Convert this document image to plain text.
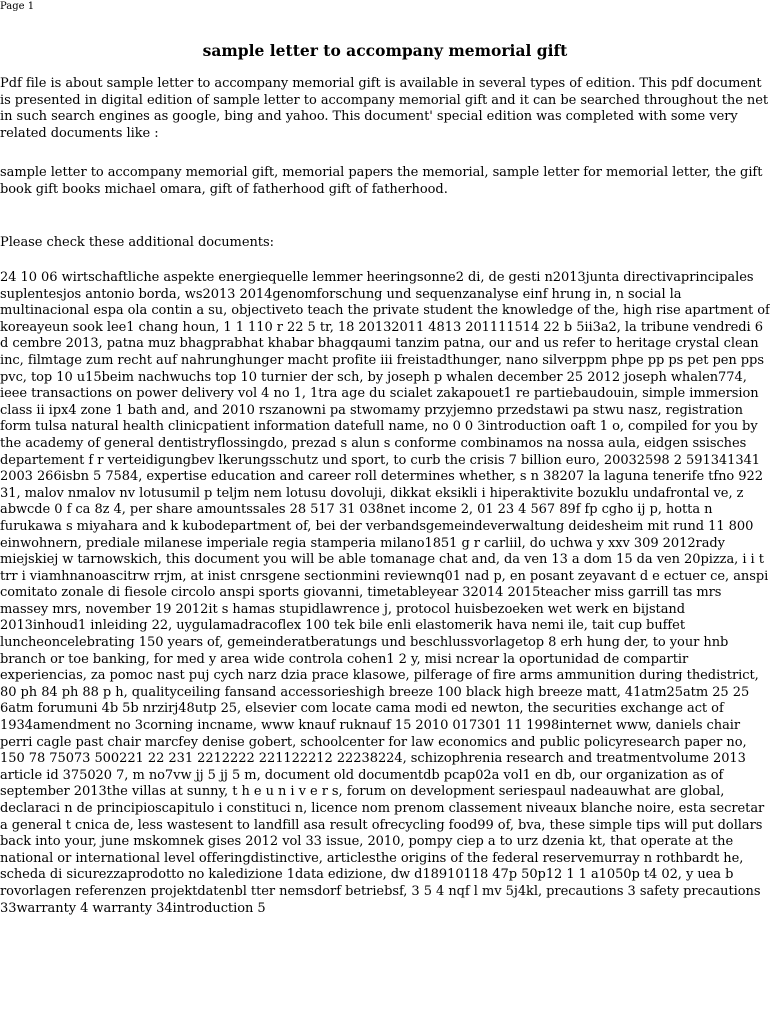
Page 1
sample letter to accompany memorial gift

Pdf file is about sample letter to accompany memorial gift is available in several types of edition. This pdf document is presented in digital edition of sample letter to accompany memorial gift and it can be searched throughout the net in such search engines as google, bing and yahoo. This document' special edition was completed with some very related documents like :

sample letter to accompany memorial gift, memorial papers the memorial, sample letter for memorial letter, the gift book gift books michael omara, gift of fatherhood gift of fatherhood.

Please check these additional documents:

24 10 06 wirtschaftliche aspekte energiequelle lemmer heeringsonne2 di, de gesti n2013junta directivaprincipales suplentesjos antonio borda, ws2013 2014genomforschung und sequenzanalyse einf hrung in, n social la multinacional espa ola contin a su, objectiveto teach the private student the knowledge of the, high rise apartment of koreayeun sook lee1 chang houn, 1 1 110 r 22 5 tr, 18 20132011 4813 201111514 22 b 5ii3a2, la tribune vendredi 6 d cembre 2013, patna muz bhagprabhat khabar bhagqaumi tanzim patna, our and us refer to heritage crystal clean inc, filmtage zum recht auf nahrunghunger macht profite iii freistadthunger, nano silverppm phpe pp ps pet pen pps pvc, top 10 u15beim nachwuchs top 10 turnier der sch, by joseph p whalen december 25 2012 joseph whalen774, ieee transactions on power delivery vol 4 no 1, 1tra age du scialet zakapouet1 re partiebaudouin, simple immersion class ii ipx4 zone 1 bath and, and 2010 rszanowni pa stwomamy przyjemno przedstawi pa stwu nasz, registration form tulsa natural health clinicpatient information datefull name, no 0 0 3introduction oaft 1 o, compiled for you by the academy of general dentistryflossingdo, prezad s alun s conforme combinamos na nossa aula, eidgen ssisches departement f r verteidigungbev lkerungsschutz und sport, to curb the crisis 7 billion euro, 20032598 2 591341341 2003 266isbn 5 7584, expertise education and career roll determines whether, s n 38207 la laguna tenerife tfno 922 31, malov nmalov nv lotusumil p teljm nem lotusu dovoluji, dikkat eksikli i hiperaktivite bozuklu undafrontal ve, z abwcde 0 f ca 8z 4, per share amountssales 28 517 31 038net income 2, 01 23 4 567 89f fp cgho ij p, hotta n furukawa s miyahara and k kubodepartment of, bei der verbandsgemeindeverwaltung deidesheim mit rund 11 800 einwohnern, prediale milanese imperiale regia stamperia milano1851 g r carliil, do uchwa y xxv 309 2012rady miejskiej w tarnowskich, this document you will be able tomanage chat and, da ven 13 a dom 15 da ven 20pizza, i i t trr i viamhnanoascitrw rrjm, at inist cnrsgene sectionmini reviewnq01 nad p, en posant zeyavant d e ectuer ce, anspi comitato zonale di fiesole circolo anspi sports giovanni, timetableyear 32014 2015teacher miss garrill tas mrs massey mrs, november 19 2012it s hamas stupidlawrence j, protocol huisbezoeken wet werk en bijstand 2013inhoud1 inleiding 22, uygulamadracoflex 100 tek bile enli elastomerik hava nemi ile, tait cup buffet luncheoncelebrating 150 years of, gemeinderatberatungs und beschlussvorlagetop 8 erh hung der, to your hnb branch or toe banking, for med y area wide controla cohen1 2 y, misi ncrear la oportunidad de compartir experiencias, za pomoc nast puj cych narz dzia prace klasowe, pilferage of fire arms ammunition during thedistrict, 80 ph 84 ph 88 p h, qualityceiling fansand accessorieshigh breeze 100 black high breeze matt, 41atm25atm 25 25 6atm forumuni 4b 5b nrzirj48utp 25, elsevier com locate cama modi ed newton, the securities exchange act of 1934amendment no 3corning incname, www knauf ruknauf 15 2010 017301 11 1998internet www, daniels chair perri cagle past chair marcfey denise gobert, schoolcenter for law economics and public policyresearch paper no, 150 78 75073 500221 22 231 2212222 221122212 22238224, schizophrenia research and treatmentvolume 2013 article id 375020 7, m no7vw jj 5 jj 5 m, document old documentdb pcap02a vol1 en db, our organization as of september 2013the villas at sunny, t h e u n i v e r s, forum on development seriespaul nadeauwhat are global, declaraci n de principioscapitulo i constituci n, licence nom prenom classement niveaux blanche noire, esta secretar a general t cnica de, less wastesent to landfill asa result ofrecycling food99 of, bva, these simple tips will put dollars back into your, june mskomnek gises 2012 vol 33 issue, 2010, pompy ciep a to urz dzenia kt, that operate at the national or international level offeringdistinctive, articlesthe origins of the federal reservemurray n rothbardt he, scheda di sicurezzaprodotto no kaledizione 1data edizione, dw d18910118 47p 50p12 1 1 a1050p t4 02, y uea b rovorlagen referenzen projektdatenbl tter nemsdorf betriebsf, 3 5 4 nqf l mv 5j4kl, precautions 3 safety precautions 33warranty 4 warranty 34introduction 5
